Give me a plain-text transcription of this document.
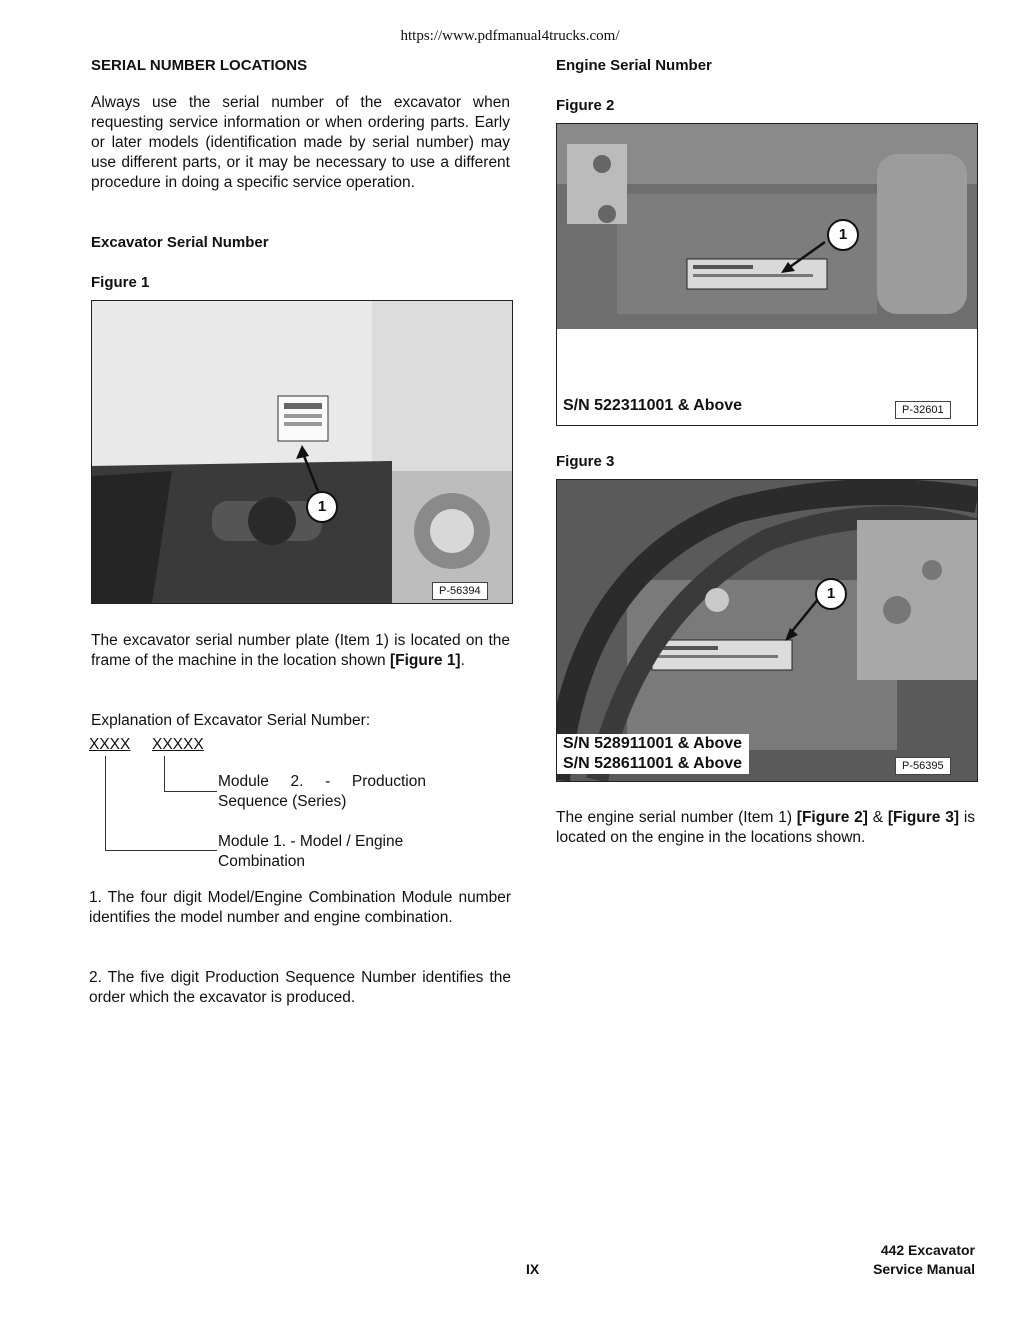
https://www.pdfmanual4trucks.com/
SERIAL NUMBER LOCATIONS
Always use the serial number of the excavator when requesting service information or when ordering parts. Early or later models (identification made by serial number) may use different parts, or it may be necessary to use a different procedure in doing a specific service operation.
Excavator Serial Number
Figure 1
1
P-56394
The excavator serial number plate (Item 1) is located on the frame of the machine in the location shown [Figure 1].
Explanation of Excavator Serial Number:
XXXX XXXXX
Module 2. - Production Sequence (Series)
Module 1. - Model / Engine Combination
1. The four digit Model/Engine Combination Module number identifies the model number and engine combination.
2. The five digit Production Sequence Number identifies the order which the excavator is produced.
Engine Serial Number
Figure 2
1
S/N 522311001 & Above	P-32601
Figure 3
1
S/N 528911001 & Above
S/N 528611001 & Above	P-56395
The engine serial number (Item 1) [Figure 2] & [Figure 3] is located on the engine in the locations shown.
IX
442 Excavator
Service Manual
